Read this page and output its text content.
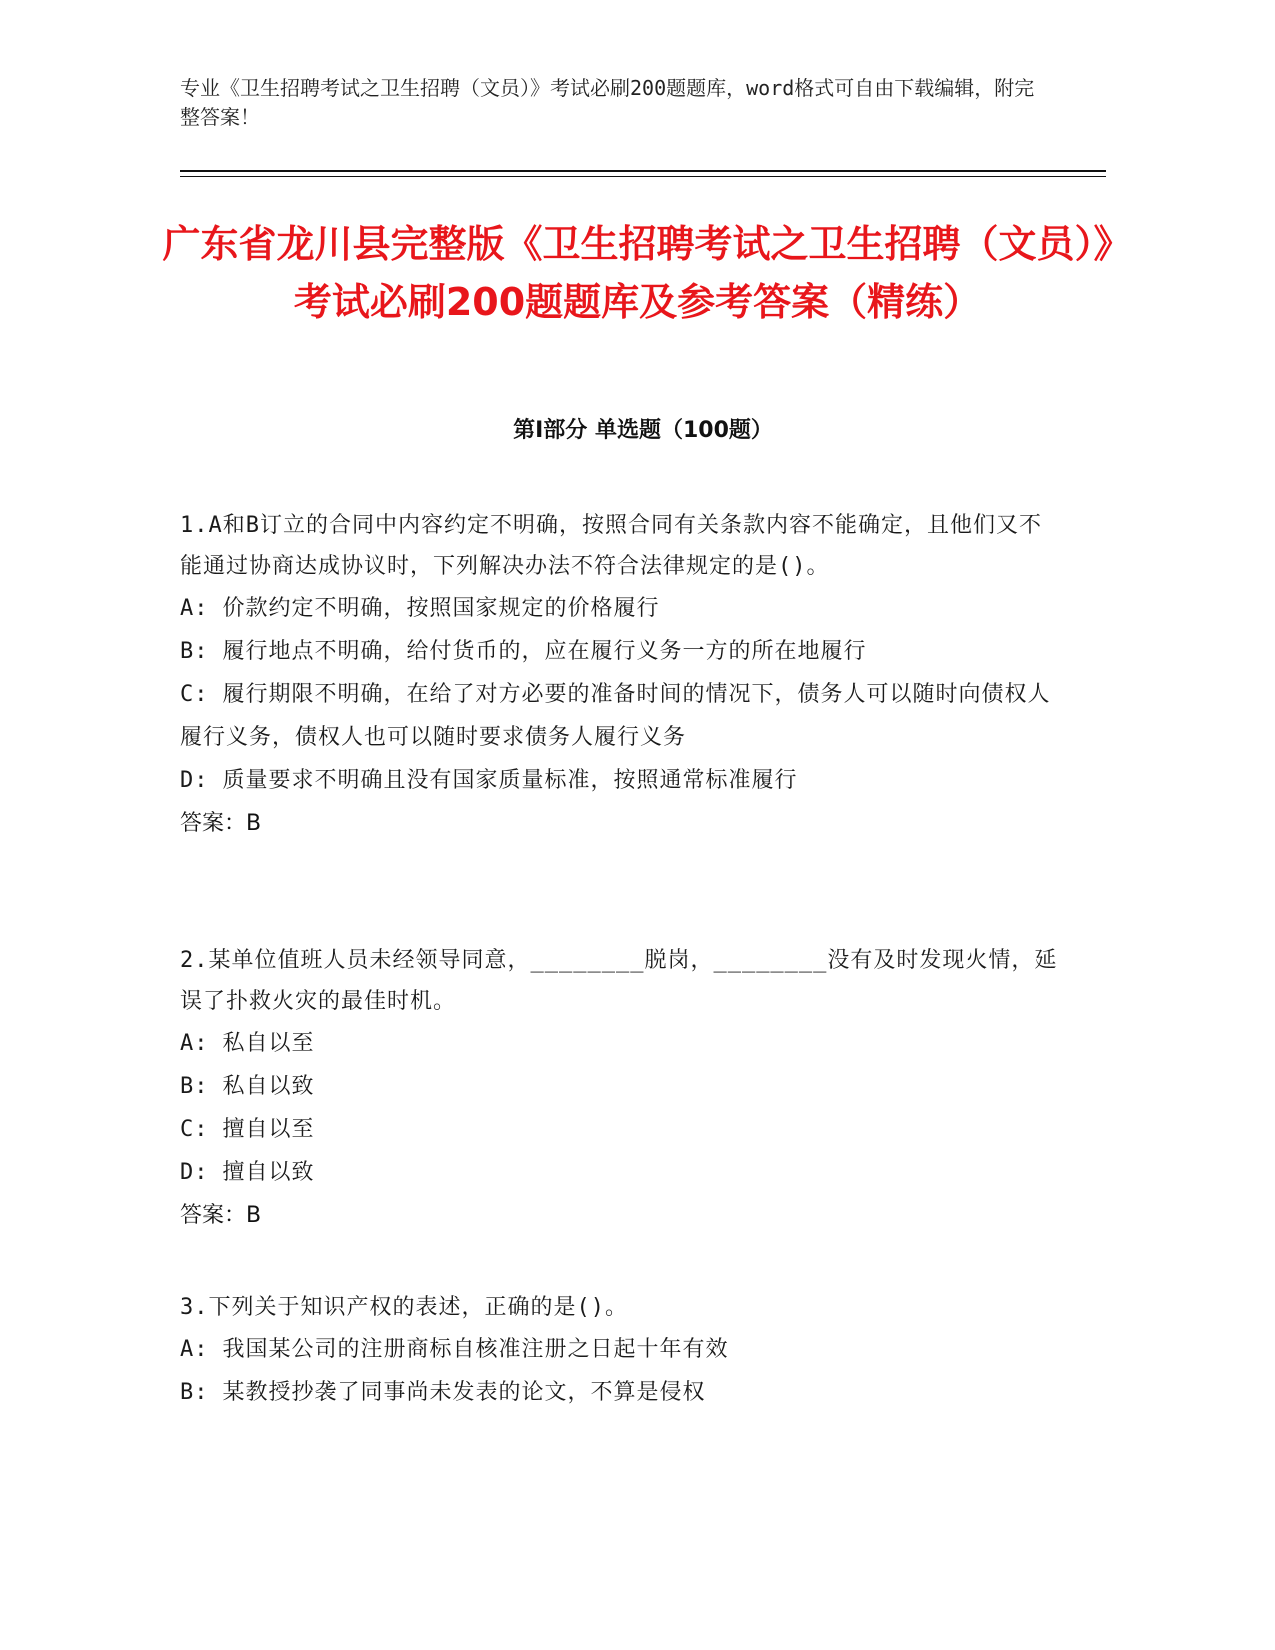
专业《卫生招聘考试之卫生招聘（文员）》考试必刷200题题库，word格式可自由下载编辑，附完整答案！
广东省龙川县完整版《卫生招聘考试之卫生招聘（文员）》考试必刷200题题库及参考答案（精练）
第Ⅰ部分 单选题（100题）
1.A和B订立的合同中内容约定不明确，按照合同有关条款内容不能确定，且他们又不能通过协商达成协议时，下列解决办法不符合法律规定的是()。
A: 价款约定不明确，按照国家规定的价格履行
B: 履行地点不明确，给付货币的，应在履行义务一方的所在地履行
C: 履行期限不明确，在给了对方必要的准备时间的情况下，债务人可以随时向债权人履行义务，债权人也可以随时要求债务人履行义务
D: 质量要求不明确且没有国家质量标准，按照通常标准履行
答案：B
2.某单位值班人员未经领导同意，________脱岗，________没有及时发现火情，延误了扑救火灾的最佳时机。
A: 私自以至
B: 私自以致
C: 擅自以至
D: 擅自以致
答案：B
3.下列关于知识产权的表述，正确的是()。
A: 我国某公司的注册商标自核准注册之日起十年有效
B: 某教授抄袭了同事尚未发表的论文，不算是侵权
